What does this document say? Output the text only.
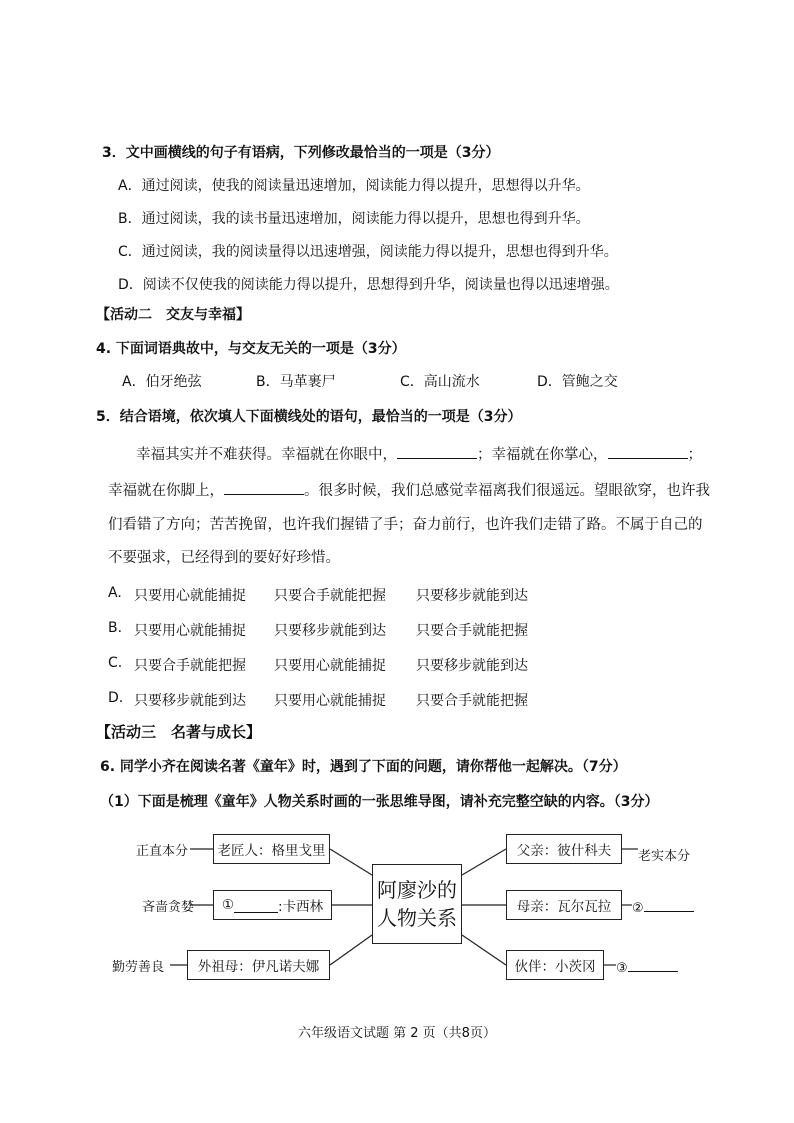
3．文中画横线的句子有语病，下列修改最恰当的一项是（3分）
A．通过阅读，使我的阅读量迅速增加，阅读能力得以提升，思想得以升华。
B．通过阅读，我的读书量迅速增加，阅读能力得以提升，思想也得到升华。
C．通过阅读，我的阅读量得以迅速增强，阅读能力得以提升，思想也得到升华。
D．阅读不仅使我的阅读能力得以提升，思想得到升华，阅读量也得以迅速增强。
【活动二　交友与幸福】
4. 下面词语典故中，与交友无关的一项是（3分）
A．伯牙绝弦	B．马革裹尸	C．高山流水	D．管鲍之交
5．结合语境，依次填人下面横线处的语句，最恰当的一项是（3分）
幸福其实并不难获得。幸福就在你眼中，	；幸福就在你掌心，	；
幸福就在你脚上，	。很多时候，我们总感觉幸福离我们很遥远。望眼欲穿，也许我
们看错了方向；苦苦挽留，也许我们握错了手；奋力前行，也许我们走错了路。不属于自己的
不要强求，已经得到的要好好珍惜。
A. 只要用心就能捕捉 只要合手就能把握 只要移步就能到达
B. 只要用心就能捕捉 只要移步就能到达 只要合手就能把握
C. 只要合手就能把握 只要用心就能捕捉 只要移步就能到达
D. 只要移步就能到达 只要用心就能捕捉 只要合手就能把握
【活动三　名著与成长】
6. 同学小齐在阅读名著《童年》时，遇到了下面的问题，请你帮他一起解决。（7分）
（1）下面是梳理《童年》人物关系时画的一张思维导图，请补充完整空缺的内容。（3分）
阿廖沙的
人物关系
正直本分	老匠人：格里戈里
吝啬贪婪 ①	:卡西林
勤劳善良	外祖母：伊凡诺夫娜
父亲：彼什科夫	老实本分
母亲：瓦尔瓦拉	②
伙伴：小茨冈	③
六年级语文试题 第 2 页（共8页）
